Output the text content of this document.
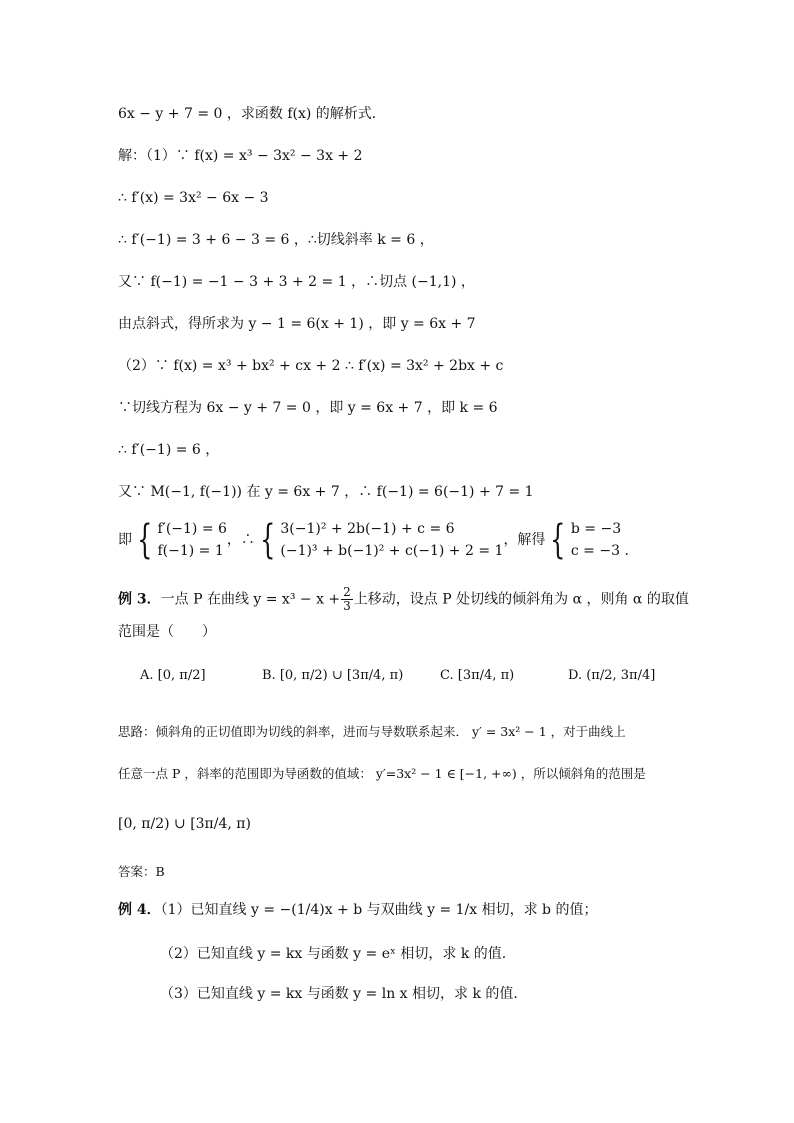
6x − y + 7 = 0 ，求函数 f(x) 的解析式．
解：（1）∵ f(x) = x³ − 3x² − 3x + 2
∴ f′(x) = 3x² − 6x − 3
∴ f′(−1) = 3 + 6 − 3 = 6 ，∴切线斜率 k = 6 ，
又∵ f(−1) = −1 − 3 + 3 + 2 = 1 ，∴切点 (−1,1) ，
由点斜式，得所求为 y − 1 = 6(x + 1) ，即 y = 6x + 7
（2）∵ f(x) = x³ + bx² + cx + 2 ∴ f′(x) = 3x² + 2bx + c
∵切线方程为 6x − y + 7 = 0 ，即 y = 6x + 7 ，即 k = 6
∴ f′(−1) = 6 ，
又∵ M(−1, f(−1)) 在 y = 6x + 7 ，∴ f(−1) = 6(−1) + 7 = 1
即 { f′(−1) = 6
f(−1) = 1
，∴ { 3(−1)² + 2b(−1) + c = 6
(−1)³ + b(−1)² + c(−1) + 2 = 1
，解得 { b = −3
c = −3 .
例 3．一点 P 在曲线 $y = x^3 - x + \frac{2}{3}$ 上移动，设点 P 处切线的倾斜角为 α ，则角 α 的取值
范围是（　　）
A. [0, π/2]	B. [0, π/2) ∪ [3π/4, π)	C. [3π/4, π)	D. (π/2, 3π/4]
思路：倾斜角的正切值即为切线的斜率，进而与导数联系起来． y′ = 3x² − 1 ，对于曲线上
任意一点 P ，斜率的范围即为导函数的值域： y′=3x² − 1 ∈ [−1, +∞) ，所以倾斜角的范围是
[0, π/2) ∪ [3π/4, π)
答案：B
例 4．（1）已知直线 y = −(1/4)x + b 与双曲线 y = 1/x 相切，求 b 的值；
（2）已知直线 y = kx 与函数 y = eˣ 相切，求 k 的值.
（3）已知直线 y = kx 与函数 y = ln x 相切，求 k 的值.
